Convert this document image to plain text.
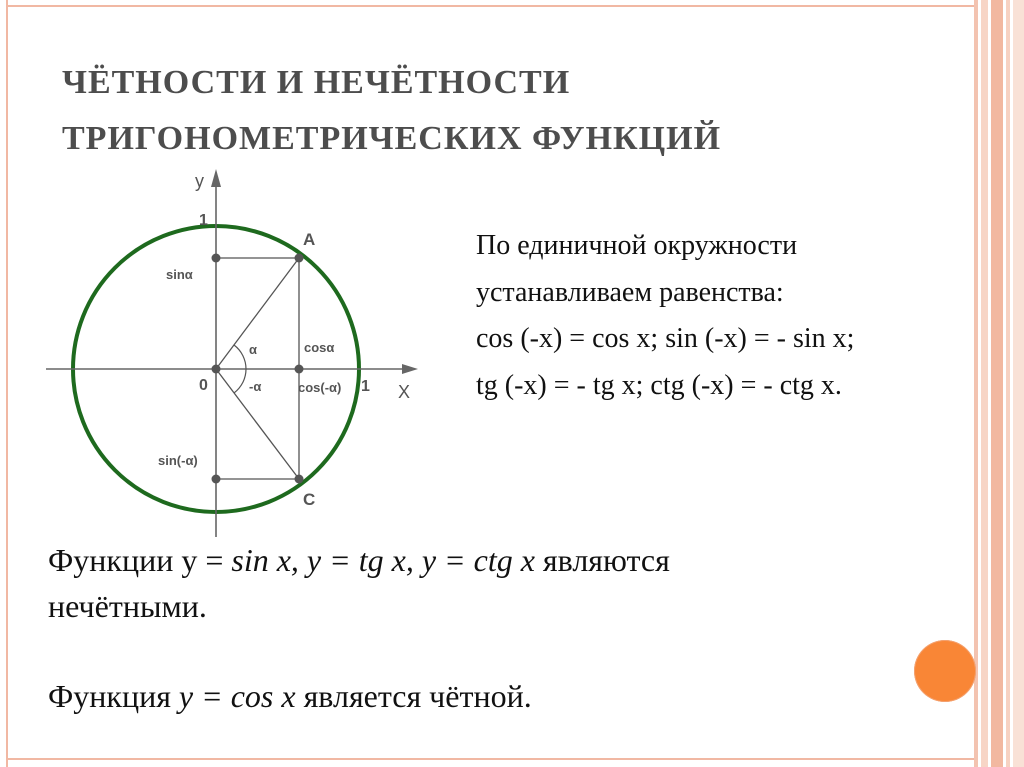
ЧЁТНОСТИ И НЕЧЁТНОСТИ
ТРИГОНОМЕТРИЧЕСКИХ ФУНКЦИЙ
y
X
0
1
1
A
C
sinα
sin(-α)
cosα
cos(-α)
α
-α
По единичной окружности
устанавливаем равенства:
cos (-x) = cos x; sin (-x) = - sin x;
tg (-x) = - tg x; ctg (-x) = - ctg x.
Функции y = sin x, y = tg x, y = ctg x являются
нечётными.
Функция y = cos x является чётной.
